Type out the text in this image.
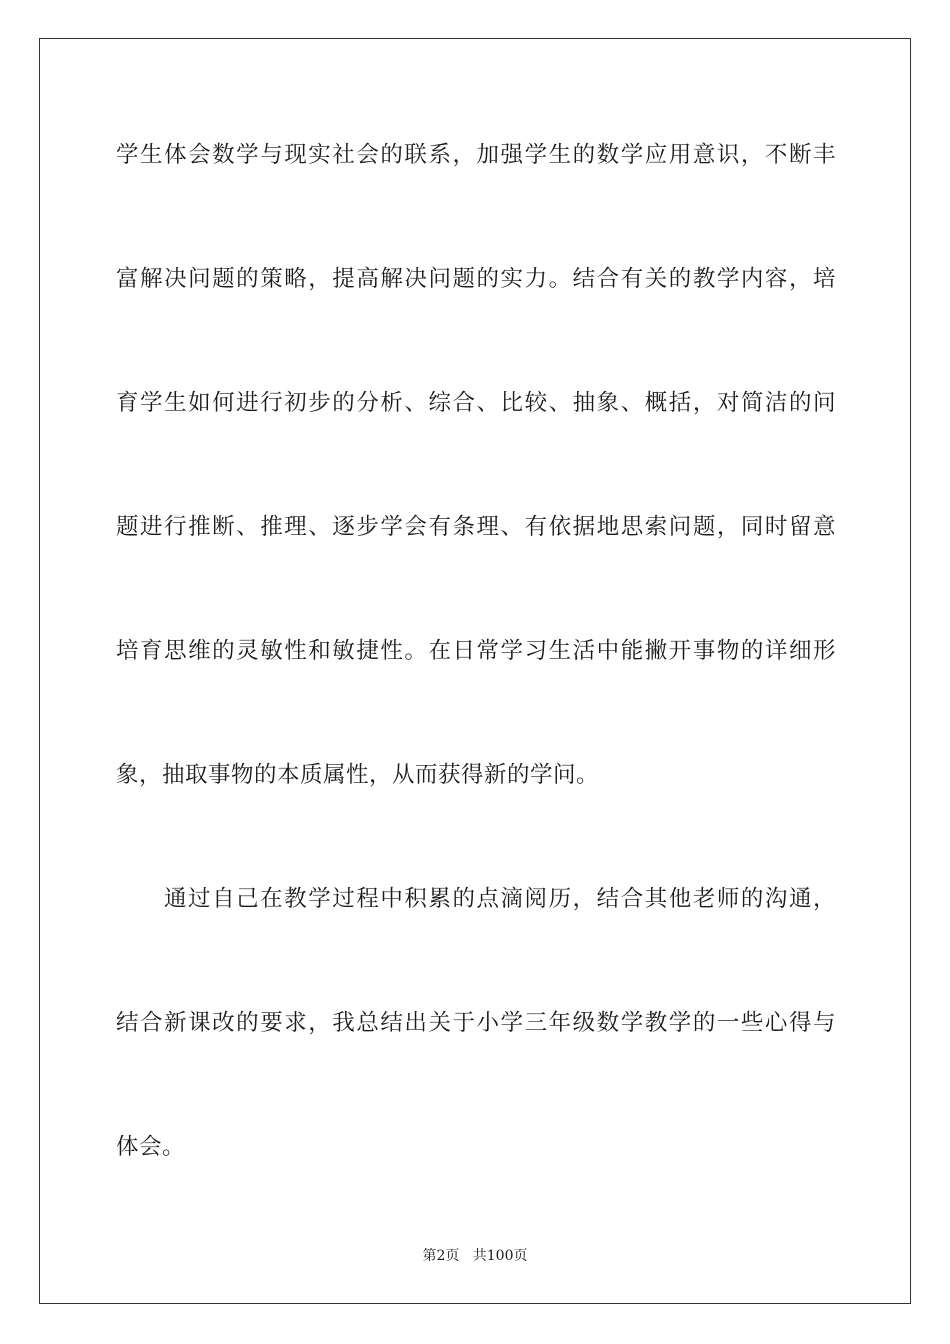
学生体会数学与现实社会的联系，加强学生的数学应用意识，不断丰
富解决问题的策略，提高解决问题的实力。结合有关的教学内容，培
育学生如何进行初步的分析、综合、比较、抽象、概括，对简洁的问
题进行推断、推理、逐步学会有条理、有依据地思索问题，同时留意
培育思维的灵敏性和敏捷性。在日常学习生活中能撇开事物的详细形
象，抽取事物的本质属性，从而获得新的学问。
通过自己在教学过程中积累的点滴阅历，结合其他老师的沟通，
结合新课改的要求，我总结出关于小学三年级数学教学的一些心得与
体会。
第2页   共100页
